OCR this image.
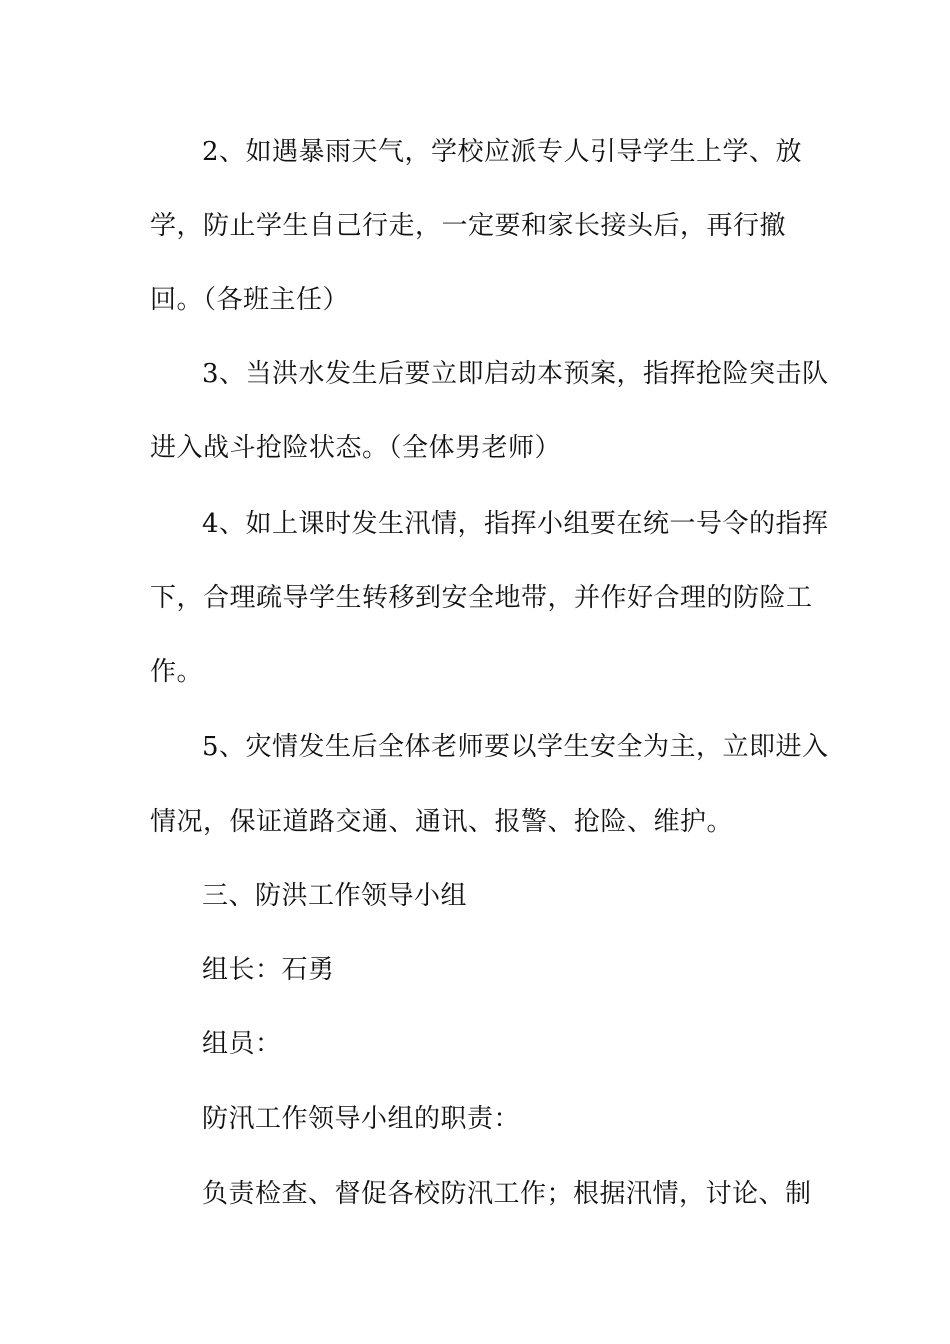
2、如遇暴雨天气，学校应派专人引导学生上学、放
学，防止学生自己行走，一定要和家长接头后，再行撤
回。（各班主任）
3、当洪水发生后要立即启动本预案，指挥抢险突击队
进入战斗抢险状态。（全体男老师）
4、如上课时发生汛情，指挥小组要在统一号令的指挥
下，合理疏导学生转移到安全地带，并作好合理的防险工
作。
5、灾情发生后全体老师要以学生安全为主，立即进入
情况，保证道路交通、通讯、报警、抢险、维护。
三、防洪工作领导小组
组长：石勇
组员：
防汛工作领导小组的职责：
负责检查、督促各校防汛工作；根据汛情，讨论、制
